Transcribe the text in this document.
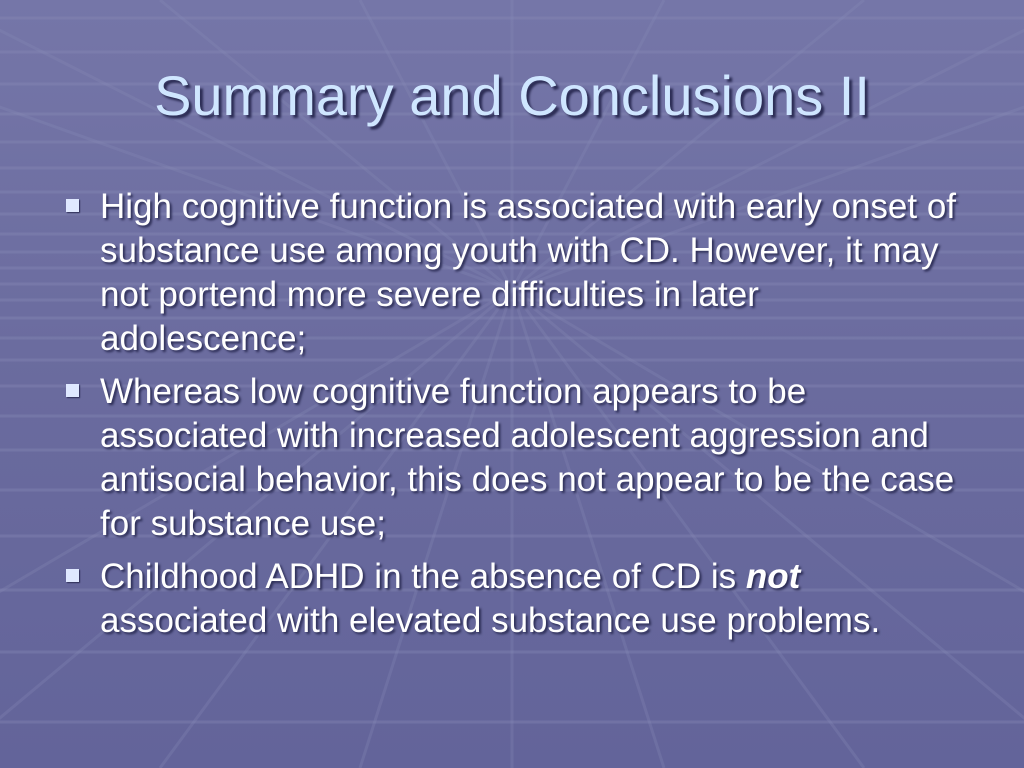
Summary and Conclusions II
High cognitive function is associated with early onset of substance use among youth with CD. However, it may not portend more severe difficulties in later adolescence;
Whereas low cognitive function appears to be associated with increased adolescent aggression and antisocial behavior, this does not appear to be the case for substance use;
Childhood ADHD in the absence of CD is not associated with elevated substance use problems.
